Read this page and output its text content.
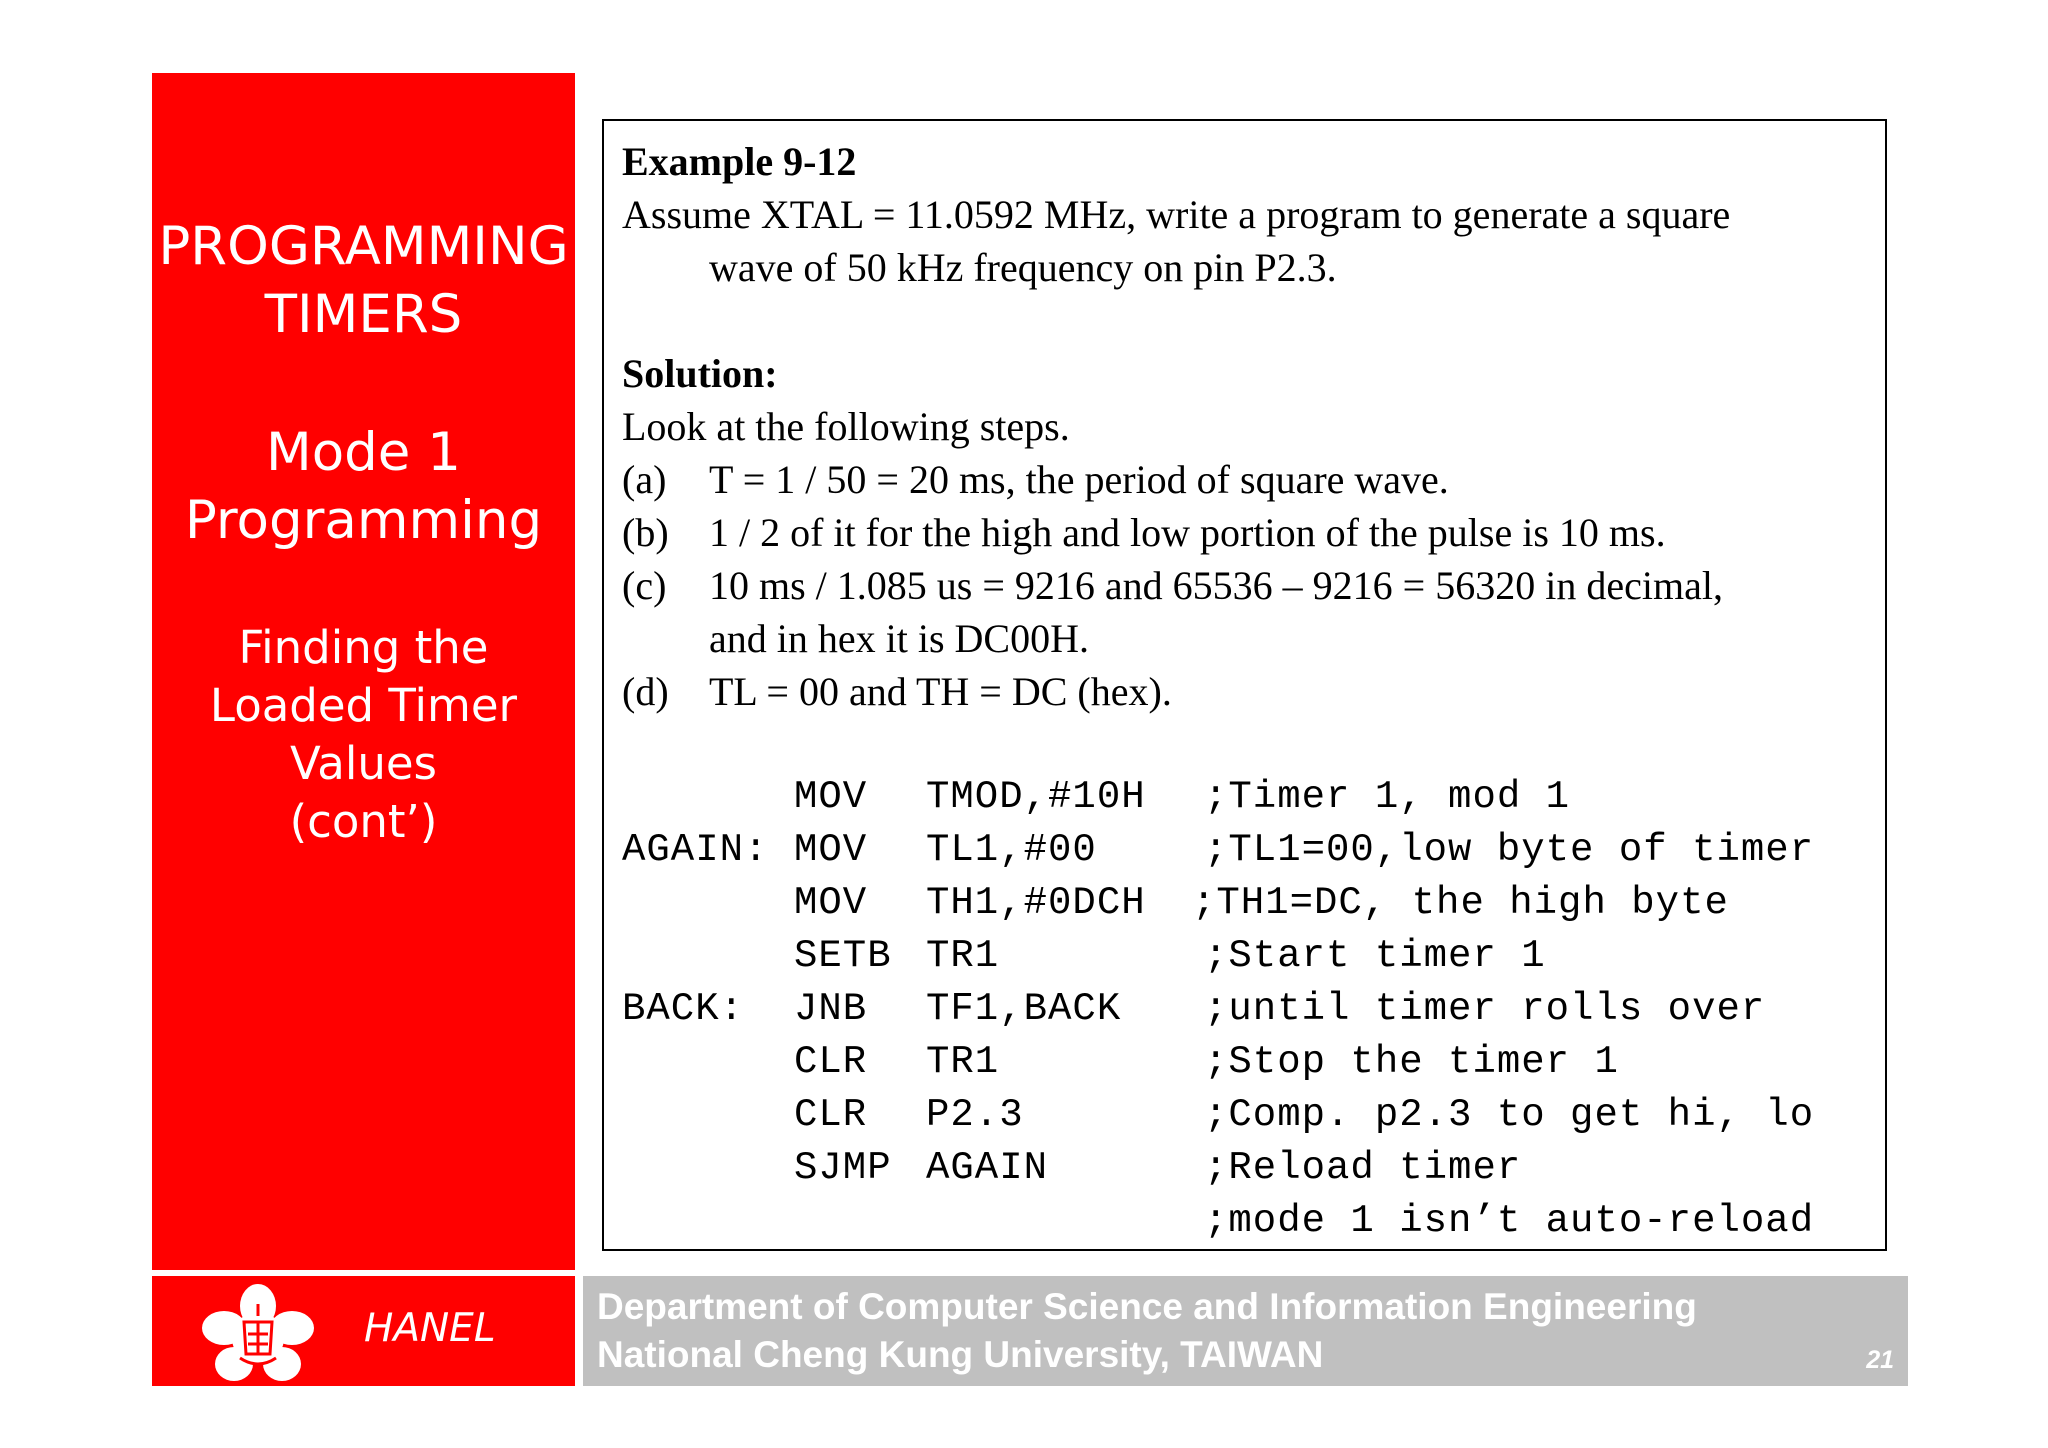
PROGRAMMING
TIMERS
Mode 1
Programming
Finding the
Loaded Timer
Values
(cont’)
HANEL	Department of Computer Science and Information Engineering
National Cheng Kung University, TAIWAN	21
Example 9-12
Assume XTAL = 11.0592 MHz, write a program to generate a square
wave of 50 kHz frequency on pin P2.3.
Solution:
Look at the following steps.
(a) T = 1 / 50 = 20 ms, the period of square wave.
(b) 1 / 2 of it for the high and low portion of the pulse is 10 ms.
(c) 10 ms / 1.085 us = 9216 and 65536 – 9216 = 56320 in decimal,
and in hex it is DC00H.
(d) TL = 00 and TH = DC (hex).
MOV TMOD,#10H ;Timer 1, mod 1
AGAIN: MOV TL1,#00	;TL1=00,low byte of timer
MOV TH1,#0DCH ;TH1=DC, the high byte
SETB TR1	;Start timer 1
BACK: JNB TF1,BACK ;until timer rolls over
CLR TR1	;Stop the timer 1
CLR P2.3	;Comp. p2.3 to get hi, lo
SJMP AGAIN	;Reload timer
;mode 1 isn’t auto-reload
